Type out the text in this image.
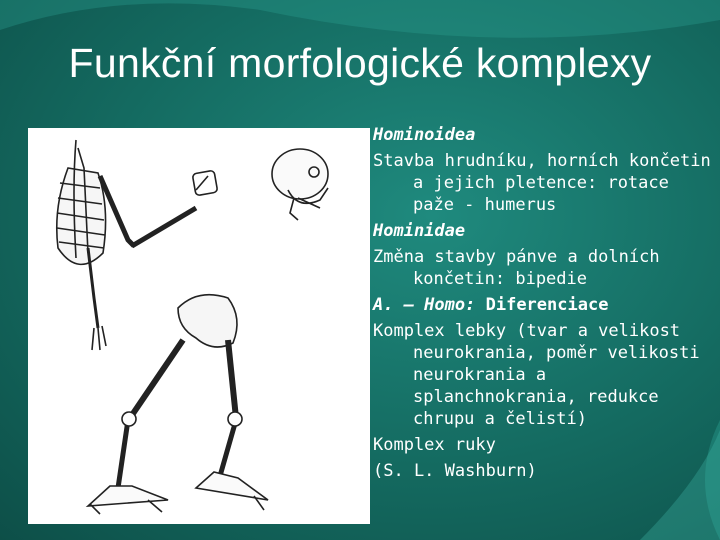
Funkční morfologické komplexy

Hominoidea

Stavba hrudníku, horních končetin a jejich pletence: rotace paže - humerus

Hominidae

Změna stavby pánve a dolních končetin: bipedie

A. – Homo: Diferenciace

Komplex lebky (tvar a velikost neurokrania, poměr velikosti neurokrania a splanchnokrania, redukce chrupu a čelistí)

Komplex ruky

(S. L. Washburn)
